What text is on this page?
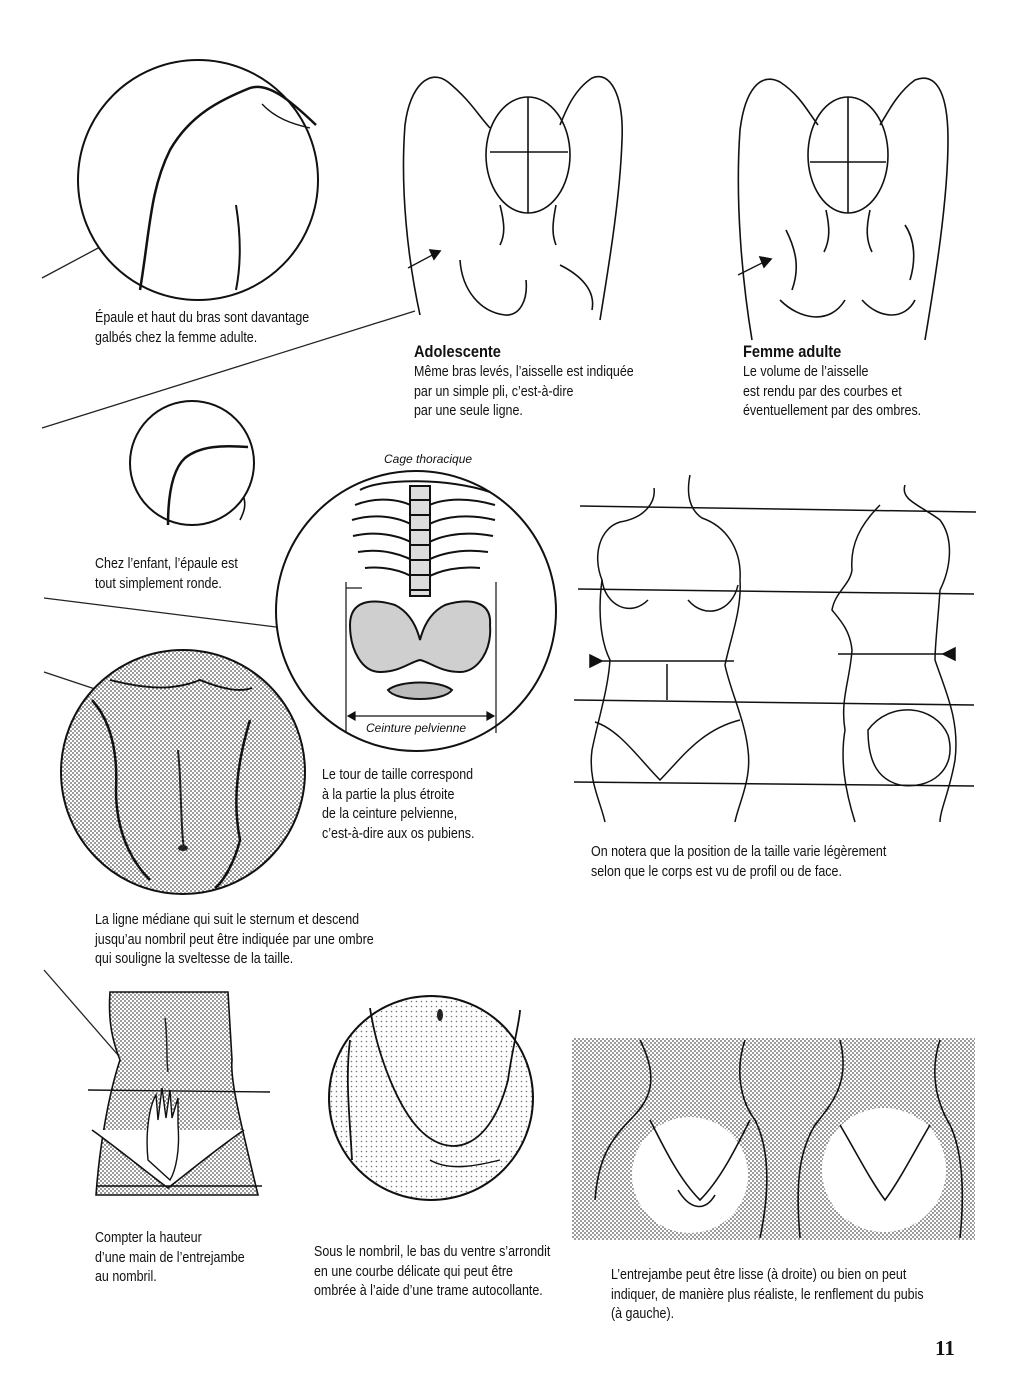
Épaule et haut du bras sont davantage
galbés chez la femme adulte.
Adolescente
Même bras levés, l’aisselle est indiquée
par un simple pli, c’est-à-dire
par une seule ligne.
Femme adulte
Le volume de l’aisselle
est rendu par des courbes et
éventuellement par des ombres.
Chez l’enfant, l’épaule est
tout simplement ronde.
Cage thoracique
Ceinture pelvienne
Le tour de taille correspond
à la partie la plus étroite
de la ceinture pelvienne,
c’est-à-dire aux os pubiens.
On notera que la position de la taille varie légèrement
selon que le corps est vu de profil ou de face.
La ligne médiane qui suit le sternum et descend
jusqu’au nombril peut être indiquée par une ombre
qui souligne la sveltesse de la taille.
Compter la hauteur
d’une main de l’entrejambe
au nombril.
Sous le nombril, le bas du ventre s’arrondit
en une courbe délicate qui peut être
ombrée à l’aide d’une trame autocollante.
L’entrejambe peut être lisse (à droite) ou bien on peut
indiquer, de manière plus réaliste, le renflement du pubis
(à gauche).
11
